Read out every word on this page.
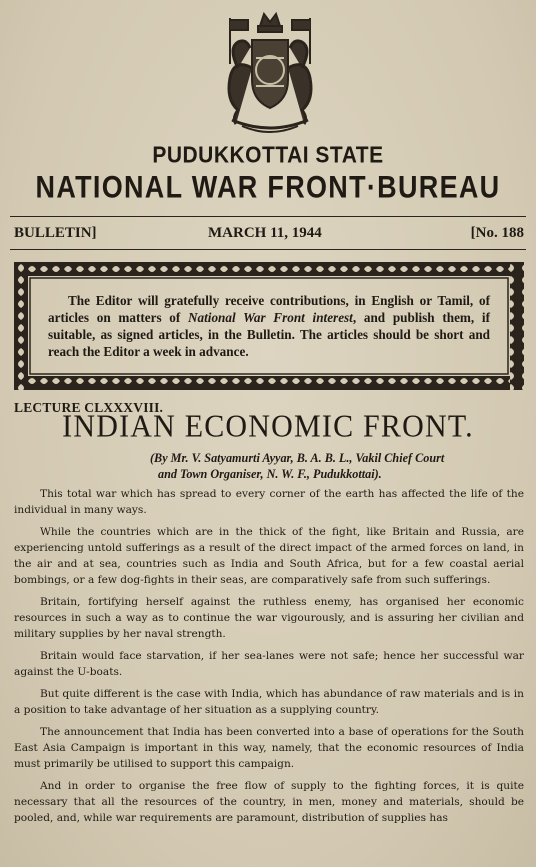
PUDUKKOTTAI STATE
NATIONAL WAR FRONT·BUREAU
BULLETIN]	MARCH 11, 1944	[No. 188
The Editor will gratefully receive contributions, in English or Tamil, of articles on matters of National War Front interest, and publish them, if suitable, as signed articles, in the Bulletin. The articles should be short and reach the Editor a week in advance.
LECTURE CLXXXVIII.
INDIAN ECONOMIC FRONT.
(By Mr. V. Satyamurti Ayyar, B. A. B. L., Vakil Chief Court
and Town Organiser, N. W. F., Pudukkottai).

This total war which has spread to every corner of the earth has affected the life of the individual in many ways.

While the countries which are in the thick of the fight, like Britain and Russia, are experiencing untold sufferings as a result of the direct impact of the armed forces on land, in the air and at sea, countries such as India and South Africa, but for a few coastal aerial bombings, or a few dog-fights in their seas, are comparatively safe from such sufferings.

Britain, fortifying herself against the ruthless enemy, has organised her economic resources in such a way as to continue the war vigourously, and is assuring her civilian and military supplies by her naval strength.

Britain would face starvation, if her sea-lanes were not safe; hence her successful war against the U-boats.

But quite different is the case with India, which has abundance of raw materials and is in a position to take advantage of her situation as a supplying country.

The announcement that India has been converted into a base of operations for the South East Asia Campaign is important in this way, namely, that the economic resources of India must primarily be utilised to support this campaign.

And in order to organise the free flow of supply to the fighting forces, it is quite necessary that all the resources of the country, in men, money and materials, should be pooled, and, while war requirements are paramount, distribution of supplies has
